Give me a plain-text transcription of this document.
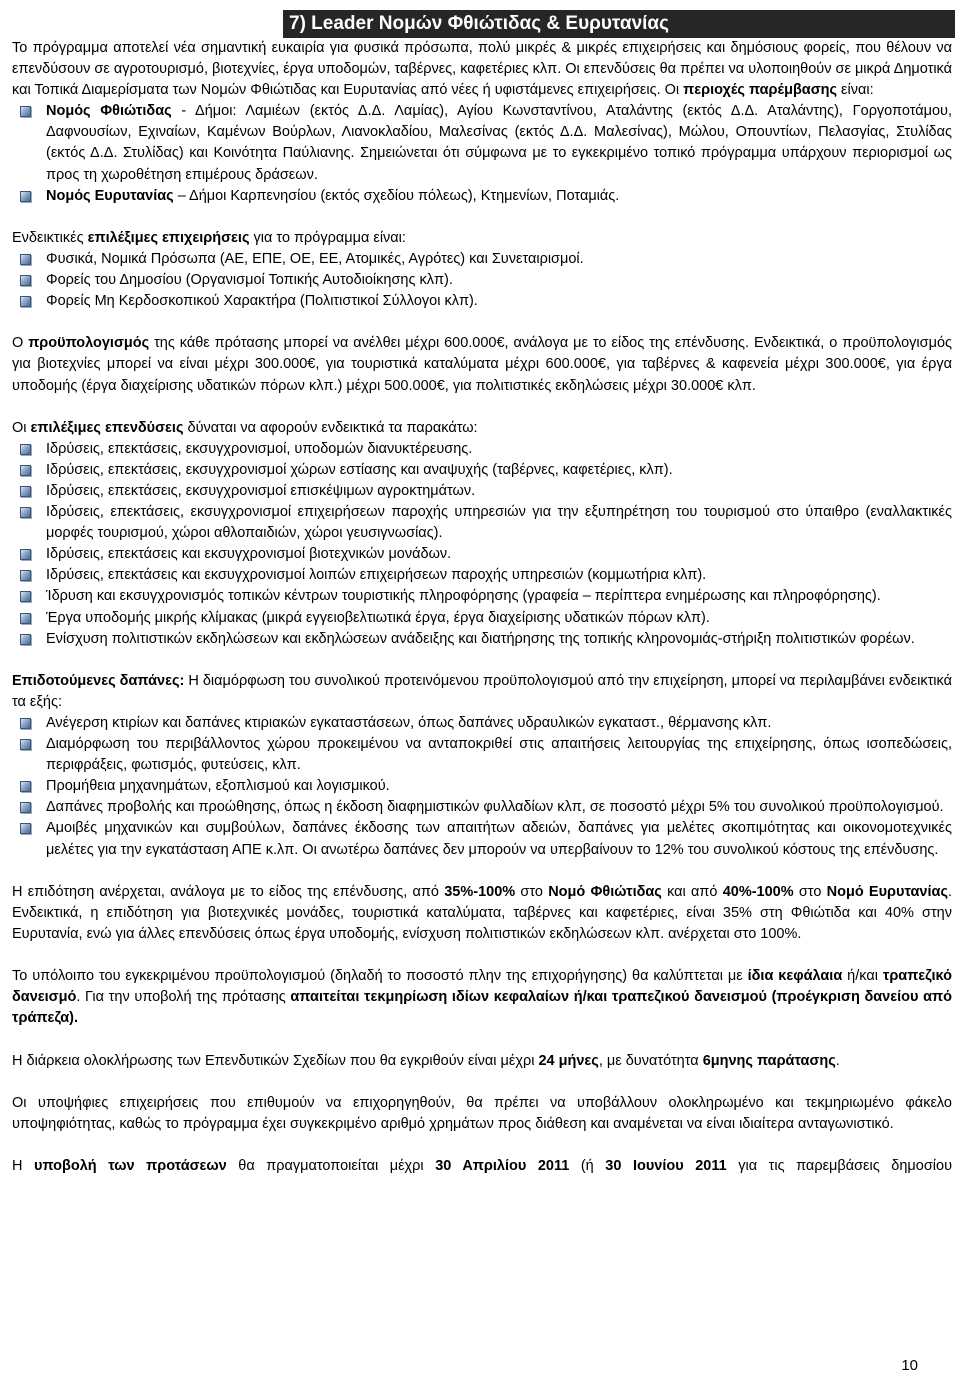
7) Leader Νομών Φθιώτιδας & Ευρυτανίας

Το πρόγραμμα αποτελεί νέα σημαντική ευκαιρία για φυσικά πρόσωπα, πολύ μικρές & μικρές επιχειρήσεις και δημόσιους φορείς, που θέλουν να επενδύσουν σε αγροτουρισμό, βιοτεχνίες, έργα υποδομών, ταβέρνες, καφετέριες κλπ. Οι επενδύσεις θα πρέπει να υλοποιηθούν σε μικρά Δημοτικά και Τοπικά Διαμερίσματα των Νομών Φθιώτιδας και Ευρυτανίας από νέες ή υφιστάμενες επιχειρήσεις. Οι περιοχές παρέμβασης είναι:

Νομός Φθιώτιδας - Δήμοι: Λαμιέων (εκτός Δ.Δ. Λαμίας), Αγίου Κωνσταντίνου, Αταλάντης (εκτός Δ.Δ. Αταλάντης), Γοργοποτάμου, Δαφνουσίων, Εχιναίων, Καμένων Βούρλων, Λιανοκλαδίου, Μαλεσίνας (εκτός Δ.Δ. Μαλεσίνας), Μώλου, Οπουντίων, Πελασγίας, Στυλίδας (εκτός Δ.Δ. Στυλίδας) και Κοινότητα Παύλιανης. Σημειώνεται ότι σύμφωνα με το εγκεκριμένο τοπικό πρόγραμμα υπάρχουν περιορισμοί ως προς τη χωροθέτηση επιμέρους δράσεων.
Νομός Ευρυτανίας – Δήμοι Καρπενησίου (εκτός σχεδίου πόλεως), Κτημενίων, Ποταμιάς.

Ενδεικτικές επιλέξιμες επιχειρήσεις για το πρόγραμμα είναι:

Φυσικά, Νομικά Πρόσωπα (ΑΕ, ΕΠΕ, ΟΕ, ΕΕ, Ατομικές, Αγρότες) και Συνεταιρισμοί.
Φορείς του Δημοσίου (Οργανισμοί Τοπικής Αυτοδιοίκησης κλπ).
Φορείς Μη Κερδοσκοπικού Χαρακτήρα (Πολιτιστικοί Σύλλογοι κλπ).

Ο προϋπολογισμός της κάθε πρότασης μπορεί να ανέλθει μέχρι 600.000€, ανάλογα με το είδος της επένδυσης. Ενδεικτικά, ο προϋπολογισμός για βιοτεχνίες μπορεί να είναι μέχρι 300.000€, για τουριστικά καταλύματα μέχρι 600.000€, για ταβέρνες & καφενεία μέχρι 300.000€, για έργα υποδομής (έργα διαχείρισης υδατικών πόρων κλπ.) μέχρι 500.000€, για πολιτιστικές εκδηλώσεις μέχρι 30.000€ κλπ.

Οι επιλέξιμες επενδύσεις δύναται να αφορούν ενδεικτικά τα παρακάτω:

Ιδρύσεις, επεκτάσεις, εκσυγχρονισμοί, υποδομών διανυκτέρευσης.
Ιδρύσεις, επεκτάσεις, εκσυγχρονισμοί χώρων εστίασης και αναψυχής (ταβέρνες, καφετέριες, κλπ).
Ιδρύσεις, επεκτάσεις, εκσυγχρονισμοί επισκέψιμων αγροκτημάτων.
Ιδρύσεις, επεκτάσεις, εκσυγχρονισμοί επιχειρήσεων παροχής υπηρεσιών για την εξυπηρέτηση του τουρισμού στο ύπαιθρο (εναλλακτικές μορφές τουρισμού, χώροι αθλοπαιδιών, χώροι γευσιγνωσίας).
Ιδρύσεις, επεκτάσεις και εκσυγχρονισμοί βιοτεχνικών μονάδων.
Ιδρύσεις, επεκτάσεις και εκσυγχρονισμοί λοιπών επιχειρήσεων παροχής υπηρεσιών (κομμωτήρια κλπ).
Ίδρυση και εκσυγχρονισμός τοπικών κέντρων τουριστικής πληροφόρησης (γραφεία – περίπτερα ενημέρωσης και πληροφόρησης).
Έργα υποδομής μικρής κλίμακας (μικρά εγγειοβελτιωτικά έργα, έργα διαχείρισης υδατικών πόρων κλπ).
Ενίσχυση πολιτιστικών εκδηλώσεων και εκδηλώσεων ανάδειξης και διατήρησης της τοπικής κληρονομιάς-στήριξη πολιτιστικών φορέων.

Επιδοτούμενες δαπάνες: Η διαμόρφωση του συνολικού προτεινόμενου προϋπολογισμού από την επιχείρηση, μπορεί να περιλαμβάνει ενδεικτικά τα εξής:

Ανέγερση κτιρίων και δαπάνες κτιριακών εγκαταστάσεων, όπως δαπάνες υδραυλικών εγκαταστ., θέρμανσης κλπ.
Διαμόρφωση του περιβάλλοντος χώρου προκειμένου να ανταποκριθεί στις απαιτήσεις λειτουργίας της επιχείρησης, όπως ισοπεδώσεις, περιφράξεις, φωτισμός, φυτεύσεις, κλπ.
Προμήθεια μηχανημάτων, εξοπλισμού και λογισμικού.
Δαπάνες προβολής και προώθησης, όπως η έκδοση διαφημιστικών φυλλαδίων κλπ, σε ποσοστό μέχρι 5% του συνολικού προϋπολογισμού.
Αμοιβές μηχανικών και συμβούλων, δαπάνες έκδοσης των απαιτήτων αδειών, δαπάνες για μελέτες σκοπιμότητας και οικονομοτεχνικές μελέτες για την εγκατάσταση ΑΠΕ κ.λπ. Οι ανωτέρω δαπάνες δεν μπορούν να υπερβαίνουν το 12% του συνολικού κόστους της επένδυσης.

Η επιδότηση ανέρχεται, ανάλογα με το είδος της επένδυσης, από 35%-100% στο Νομό Φθιώτιδας και από 40%-100% στο Νομό Ευρυτανίας. Ενδεικτικά, η επιδότηση για βιοτεχνικές μονάδες, τουριστικά καταλύματα, ταβέρνες και καφετέριες, είναι 35% στη Φθιώτιδα και 40% στην Ευρυτανία, ενώ για άλλες επενδύσεις όπως έργα υποδομής, ενίσχυση πολιτιστικών εκδηλώσεων κλπ. ανέρχεται στο 100%.

Το υπόλοιπο του εγκεκριμένου προϋπολογισμού (δηλαδή το ποσοστό πλην της επιχορήγησης) θα καλύπτεται με ίδια κεφάλαια ή/και τραπεζικό δανεισμό. Για την υποβολή της πρότασης απαιτείται τεκμηρίωση ιδίων κεφαλαίων ή/και τραπεζικού δανεισμού (προέγκριση δανείου από τράπεζα).

Η διάρκεια ολοκλήρωσης των Επενδυτικών Σχεδίων που θα εγκριθούν είναι μέχρι 24 μήνες, με δυνατότητα 6μηνης παράτασης.

Οι υποψήφιες επιχειρήσεις που επιθυμούν να επιχορηγηθούν, θα πρέπει να υποβάλλουν ολοκληρωμένο και τεκμηριωμένο φάκελο υποψηφιότητας, καθώς το πρόγραμμα έχει συγκεκριμένο αριθμό χρημάτων προς διάθεση και αναμένεται να είναι ιδιαίτερα ανταγωνιστικό.

Η υποβολή των προτάσεων θα πραγματοποιείται μέχρι 30 Απριλίου 2011 (ή 30 Ιουνίου 2011 για τις παρεμβάσεις δημοσίου

10
